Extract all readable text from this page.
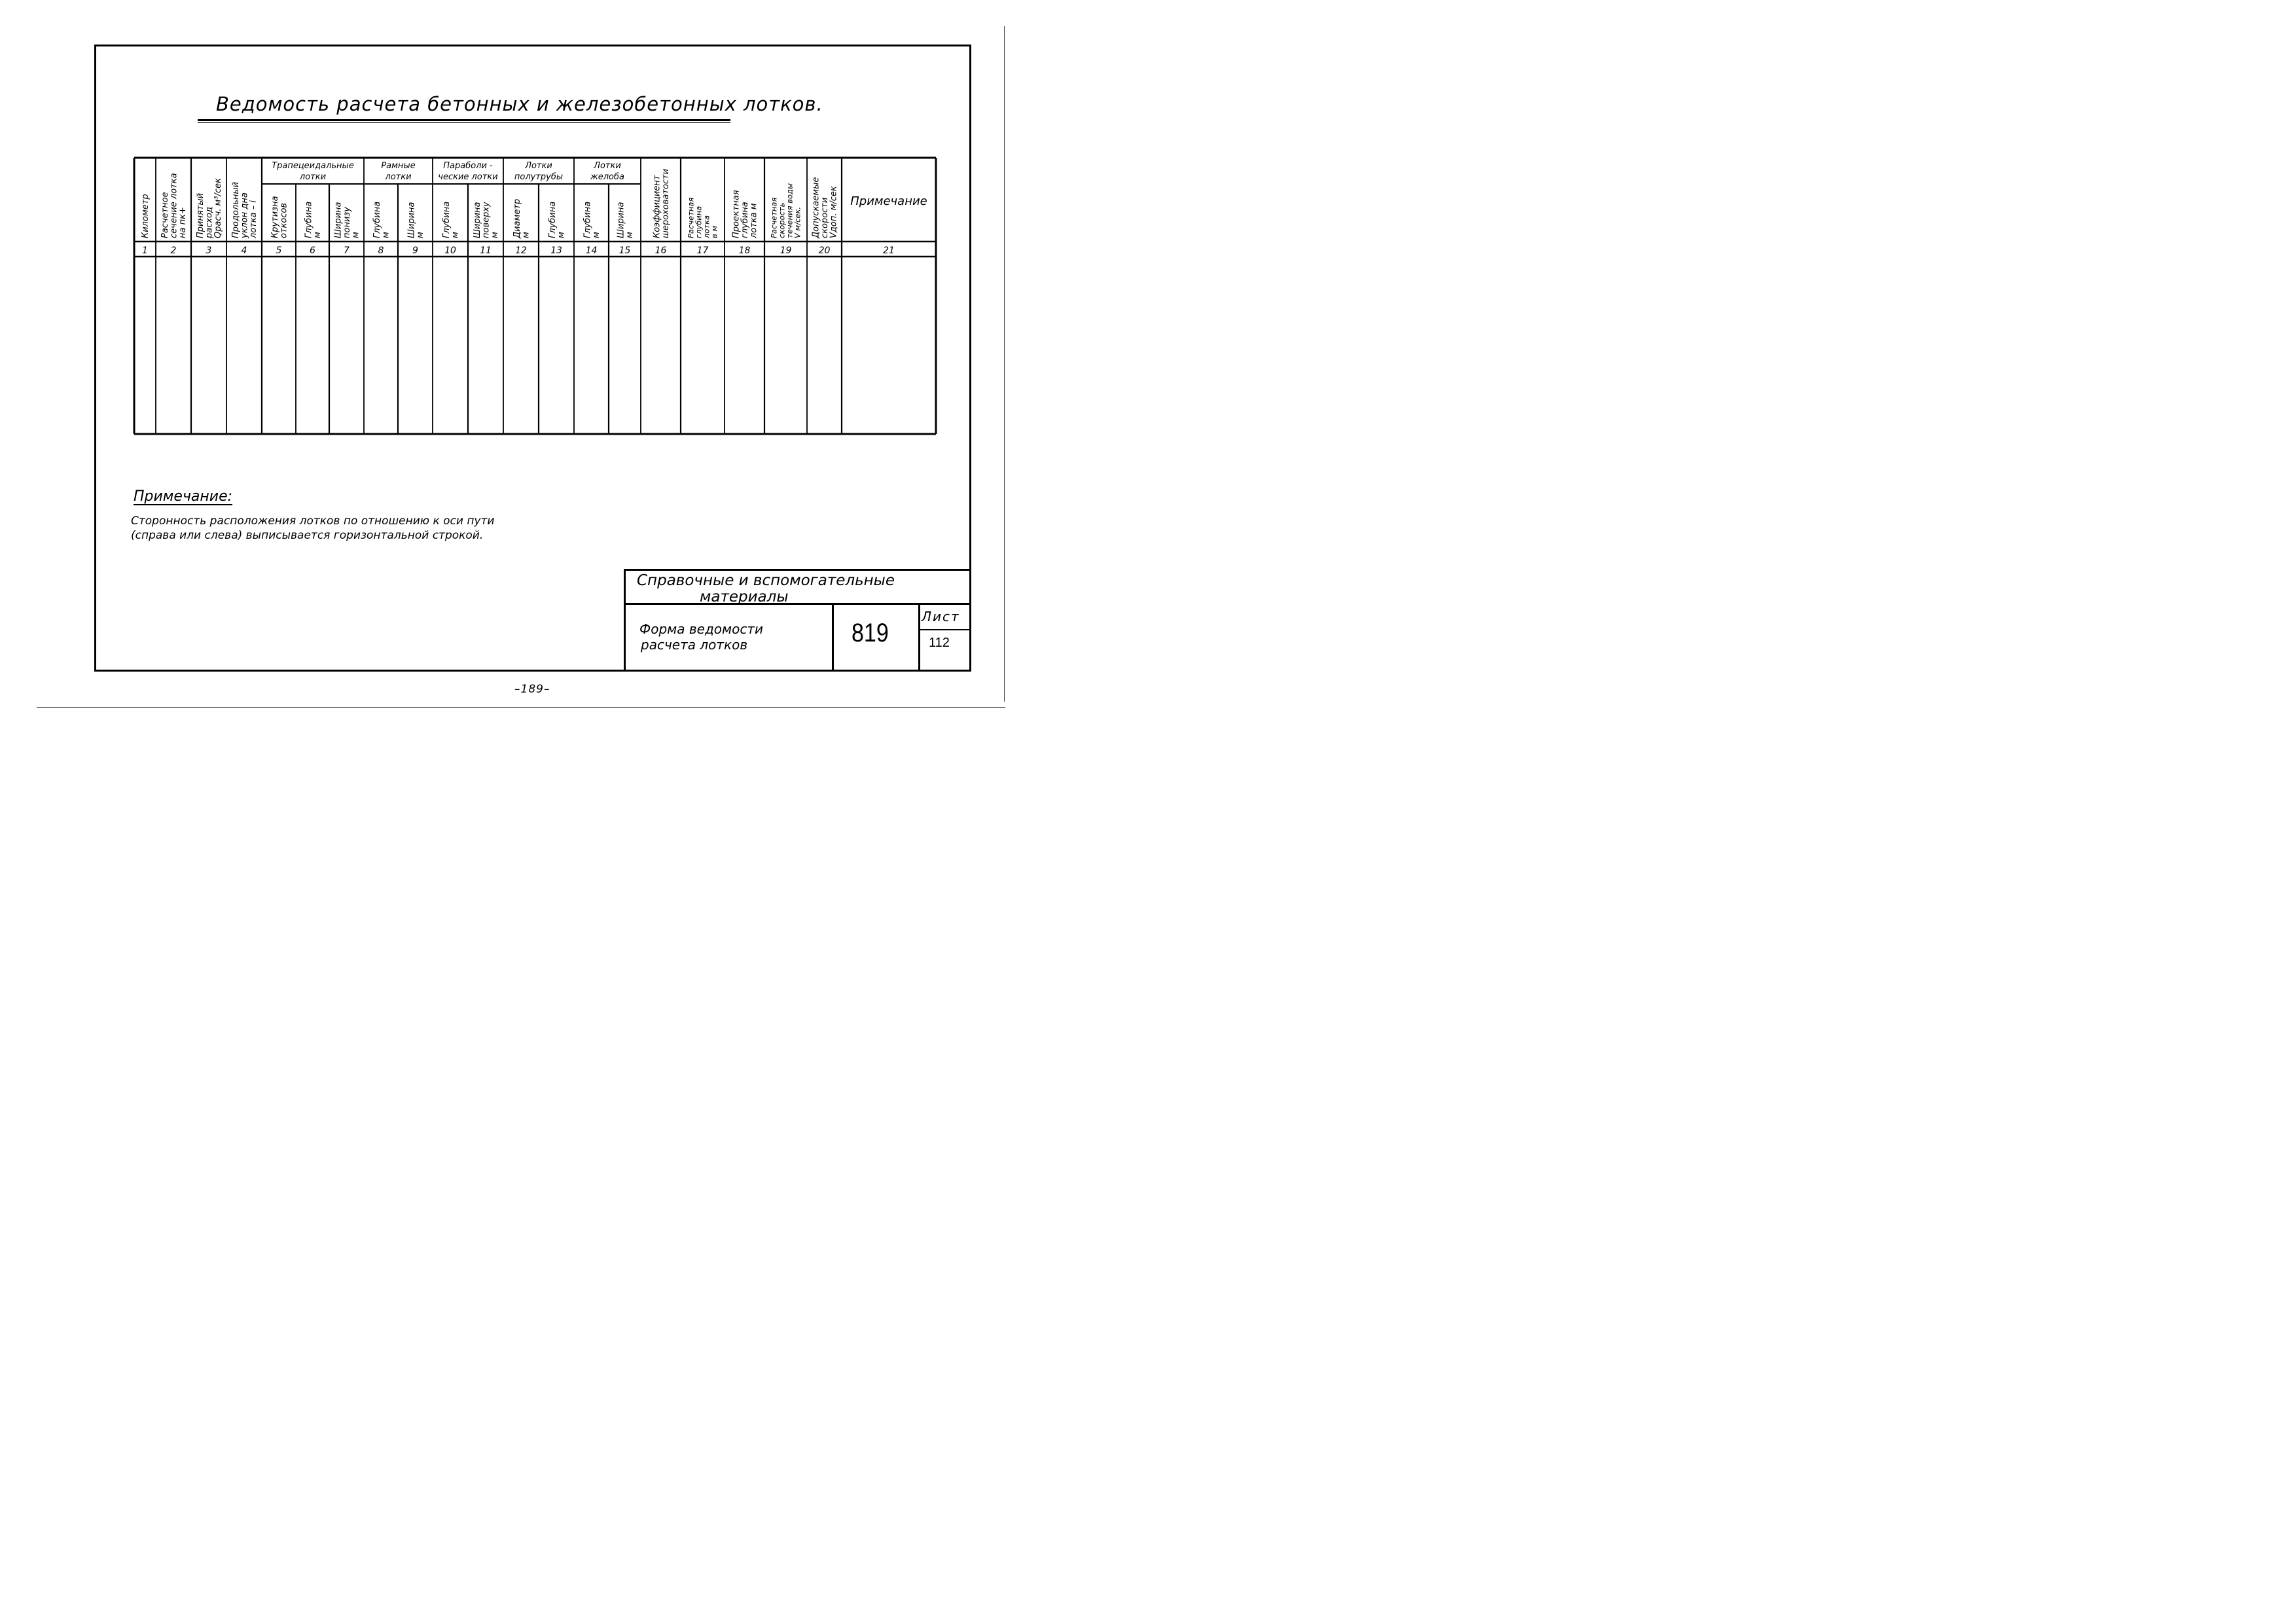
Ведомость расчета бетонных и железобетонных лотков.
Трапецеидальные
лотки
Рамные
лотки
Параболи -
ческие лотки
Лотки
полутрубы
Лотки
желоба
Километр
1
Расчетное
сечение лотка
на пк+
2
Принятый
расход
Qрасч. м³/сек
3
Продольный
уклон дна
лотка – i
4
Крутизна
откосов
5
Глубина
м
6
Ширина
понизу
м
7
Глубина
м
8
Ширина
м
9
Глубина
м
10
Ширина
поверху
м
11
Диаметр
м
12
Глубина
м
13
Глубина
м
14
Ширина
м
15
Коэффициент
шероховатости
16
Расчетная
глубина
лотка
в м
17
Проектная
глубина
лотка м
18
Расчетная
скорость
течения воды
V м/сек.
19
Допускаемые
скорости
Vдоп. м/сек
20
Примечание
21
Примечание:
Сторонность расположения лотков по отношению к оси пути
(справа или слева) выписывается горизонтальной строкой.
Справочные и вспомогательные
материалы
Форма ведомости
расчета лотков	819
Лист
112
–189–
